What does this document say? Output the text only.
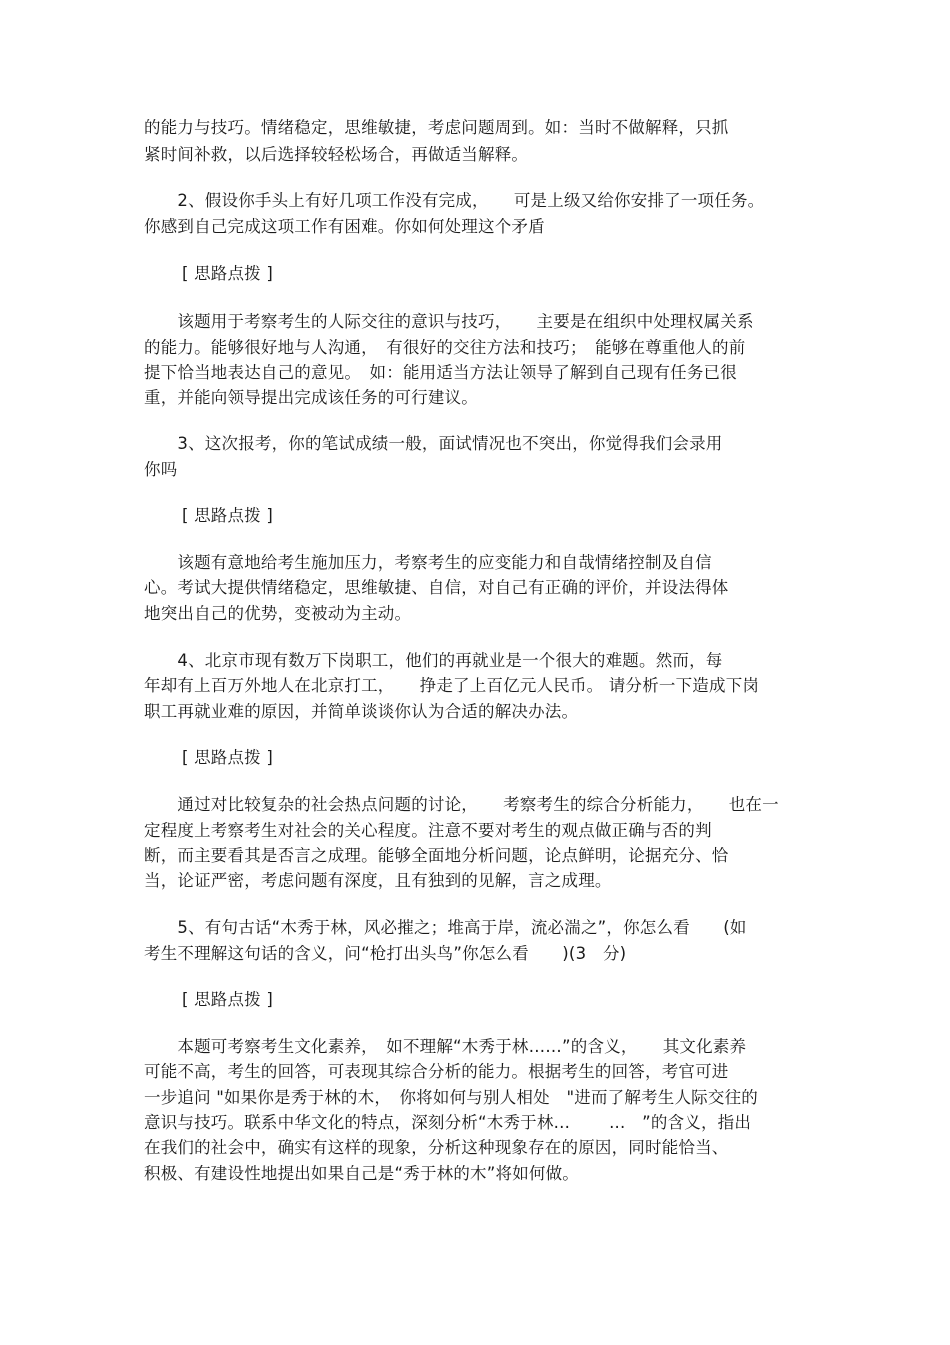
的能力与技巧。情绪稳定，思维敏捷，考虑问题周到。如：当时不做解释，只抓
紧时间补救，以后选择较轻松场合，再做适当解释。
　　2、假设你手头上有好几项工作没有完成，　　可是上级又给你安排了一项任务。
你感到自己完成这项工作有困难。你如何处理这个矛盾
[ 思路点拨 ]
　　该题用于考察考生的人际交往的意识与技巧，　　主要是在组织中处理权属关系
的能力。能够很好地与人沟通，　有很好的交往方法和技巧；　能够在尊重他人的前
提下恰当地表达自己的意见。　如：能用适当方法让领导了解到自己现有任务已很
重，并能向领导提出完成该任务的可行建议。
　　3、这次报考，你的笔试成绩一般，面试情况也不突出，你觉得我们会录用
你吗
[ 思路点拨 ]
　　该题有意地给考生施加压力，考察考生的应变能力和自哉情绪控制及自信
心。考试大提供情绪稳定，思维敏捷、自信，对自己有正确的评价，并设法得体
地突出自己的优势，变被动为主动。
　　4、北京市现有数万下岗职工，他们的再就业是一个很大的难题。然而，每
年却有上百万外地人在北京打工，　　挣走了上百亿元人民币。 请分析一下造成下岗
职工再就业难的原因，并简单谈谈你认为合适的解决办法。
[ 思路点拨 ]
　　通过对比较复杂的社会热点问题的讨论，　　考察考生的综合分析能力，　　也在一
定程度上考察考生对社会的关心程度。注意不要对考生的观点做正确与否的判
断，而主要看其是否言之成理。能够全面地分析问题，论点鲜明，论据充分、恰
当，论证严密，考虑问题有深度，且有独到的见解，言之成理。
　　5、有句古话“木秀于林，风必摧之；堆高于岸，流必湍之”，你怎么看　　(如
考生不理解这句话的含义，问“枪打出头鸟”你怎么看　　)(3　分)
[ 思路点拨 ]
　　本题可考察考生文化素养，　如不理解“木秀于林……”的含义，　　其文化素养
可能不高，考生的回答，可表现其综合分析的能力。根据考生的回答，考官可进
一步追问 "如果你是秀于林的木，　你将如何与别人相处　"进而了解考生人际交往的
意识与技巧。联系中华文化的特点，深刻分析“木秀于林…　　 ...　”的含义，指出
在我们的社会中，确实有这样的现象，分析这种现象存在的原因，同时能恰当、
积极、有建设性地提出如果自己是“秀于林的木”将如何做。
